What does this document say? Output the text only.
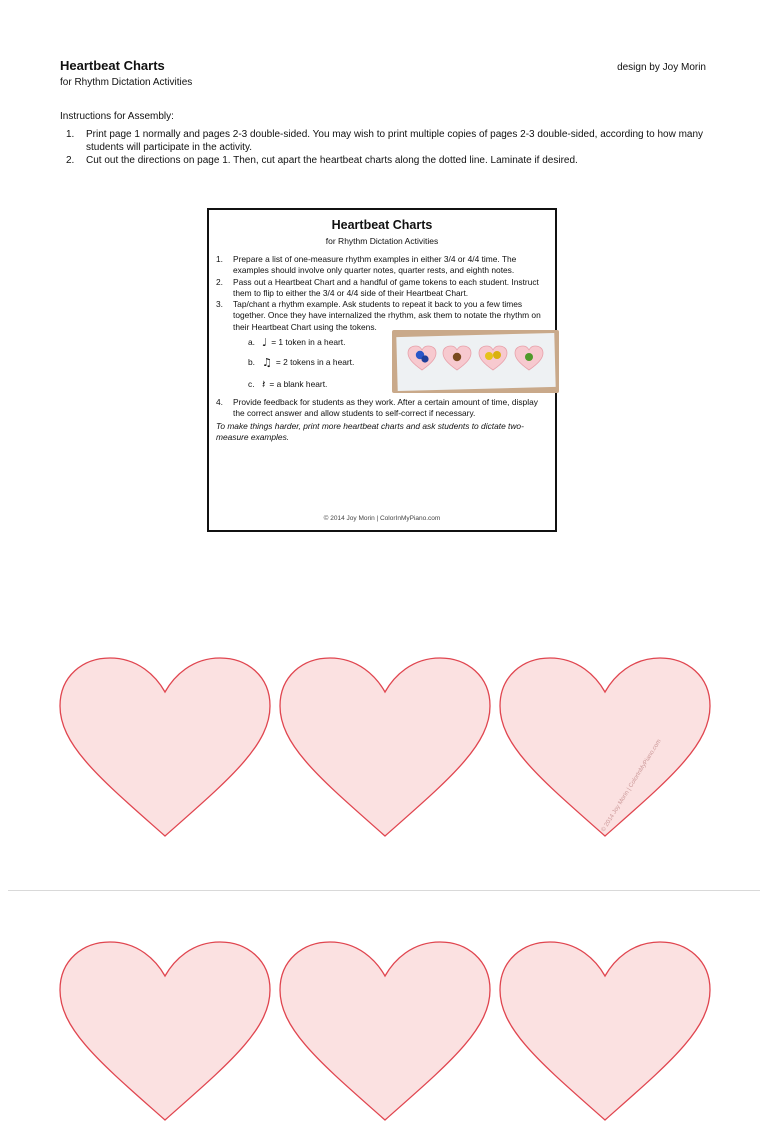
Heartbeat Charts
for Rhythm Dictation Activities
design by Joy Morin
Instructions for Assembly:
1.	Print page 1 normally and pages 2-3 double-sided. You may wish to print multiple copies of pages 2-3 double-sided, according to how many students will participate in the activity.
2.	Cut out the directions on page 1. Then, cut apart the heartbeat charts along the dotted line. Laminate if desired.
Heartbeat Charts
for Rhythm Dictation Activities
1.	Prepare a list of one-measure rhythm examples in either 3/4 or 4/4 time. The examples should involve only quarter notes, quarter rests, and eighth notes.
2.	Pass out a Heartbeat Chart and a handful of game tokens to each student. Instruct them to flip to either the 3/4 or 4/4 side of their Heartbeat Chart.
3.	Tap/chant a rhythm example. Ask students to repeat it back to you a few times together. Once they have internalized the rhythm, ask them to notate the rhythm on their Heartbeat Chart using the tokens.
a. ♩ = 1 token in a heart.
b. ♫ = 2 tokens in a heart.
c. 𝄽 = a blank heart.
4.	Provide feedback for students as they work. After a certain amount of time, display the correct answer and allow students to self-correct if necessary.
To make things harder, print more heartbeat charts and ask students to dictate two-measure examples.
© 2014 Joy Morin | ColorInMyPiano.com
© 2014 Joy Morin | ColorInMyPiano.com
